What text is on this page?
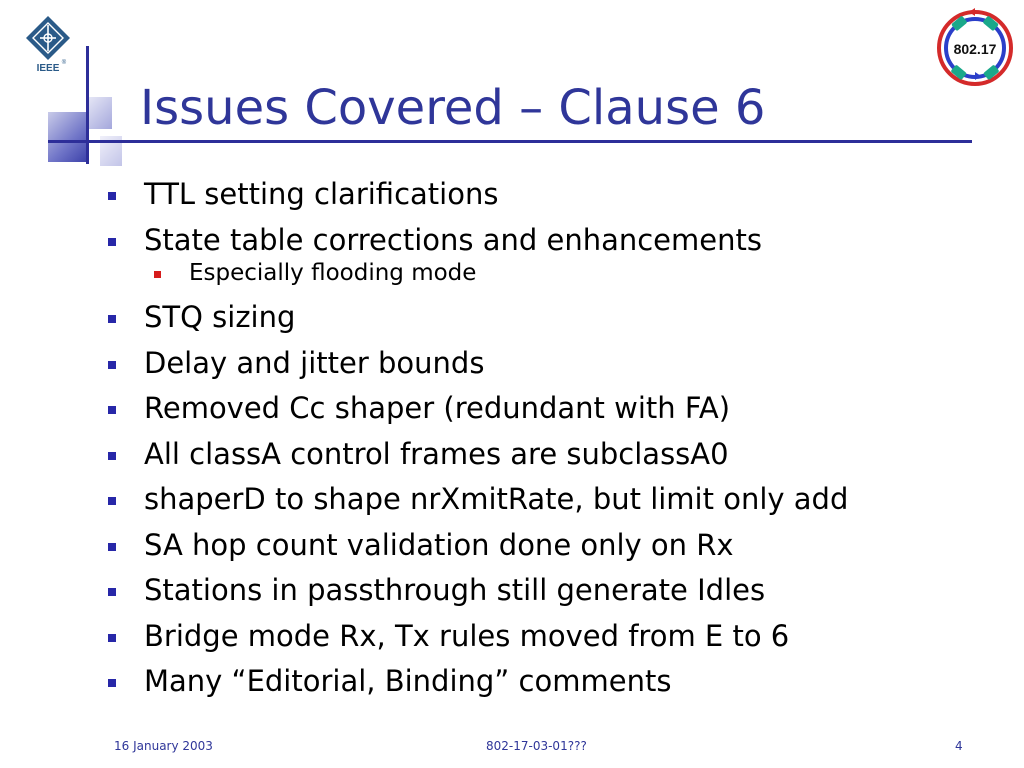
IEEE ®
Issues Covered – Clause 6
802.17
TTL setting clarifications
State table corrections and enhancements
Especially flooding mode
STQ sizing
Delay and jitter bounds
Removed Cc shaper (redundant with FA)
All classA control frames are subclassA0
shaperD to shape nrXmitRate, but limit only add
SA hop count validation done only on Rx
Stations in passthrough still generate Idles
Bridge mode Rx, Tx rules moved from E to 6
Many “Editorial, Binding” comments
16 January 2003	802-17-03-01???	4
